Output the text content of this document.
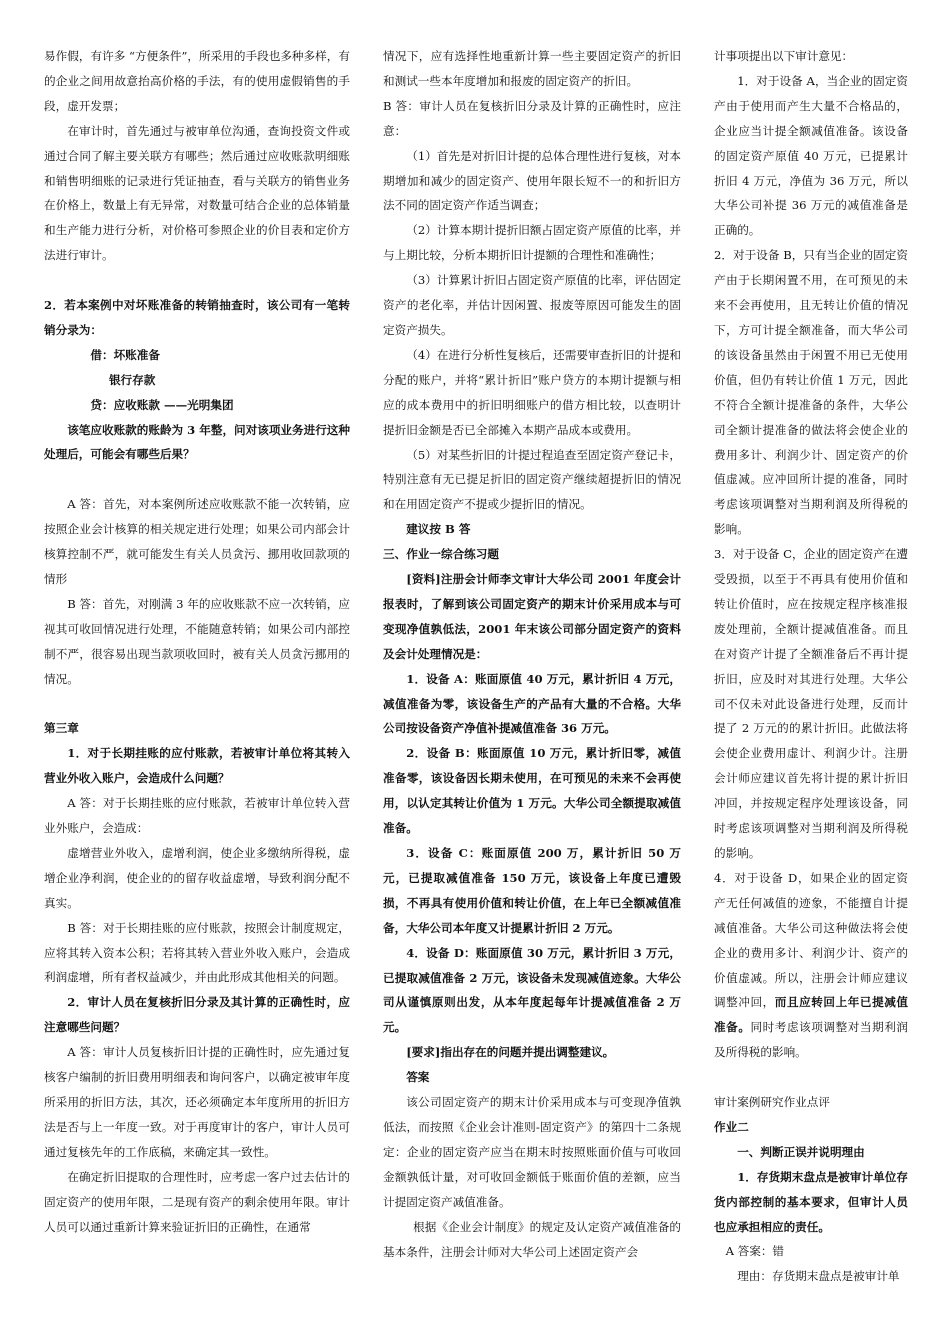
易作假，有许多 “方便条件”，所采用的手段也多种多样，有的企业之间用故意抬高价格的手法，有的使用虚假销售的手段，虚开发票；

在审计时，首先通过与被审单位沟通，查询投资文件或通过合同了解主要关联方有哪些；然后通过应收账款明细账和销售明细账的记录进行凭证抽查，看与关联方的销售业务在价格上，数量上有无异常，对数量可结合企业的总体销量和生产能力进行分析，对价格可参照企业的价目表和定价方法进行审计。

2．若本案例中对坏账准备的转销抽查时，该公司有一笔转销分录为：

借：坏账准备

银行存款

贷：应收账款 ——光明集团

该笔应收账款的账龄为 3 年整，问对该项业务进行这种处理后，可能会有哪些后果？

A 答：首先，对本案例所述应收账款不能一次转销，应按照企业会计核算的相关规定进行处理；如果公司内部会计核算控制不严，就可能发生有关人员贪污、挪用收回款项的情形

B 答：首先，对刚满 3 年的应收账款不应一次转销，应视其可收回情况进行处理，不能随意转销；如果公司内部控制不严，很容易出现当款项收回时，被有关人员贪污挪用的情况。

第三章

1．对于长期挂账的应付账款，若被审计单位将其转入营业外收入账户，会造成什么问题？

A 答：对于长期挂账的应付账款，若被审计单位转入营业外账户，会造成：

虚增营业外收入，虚增利润，使企业多缴纳所得税，虚增企业净利润，使企业的的留存收益虚增，导致利润分配不真实。

B 答：对于长期挂账的应付账款，按照会计制度规定，应将其转入资本公积；若将其转入营业外收入账户，会造成利润虚增，所有者权益减少，并由此形成其他相关的问题。

2．审计人员在复核折旧分录及其计算的正确性时，应注意哪些问题？

A 答：审计人员复核折旧计提的正确性时，应先通过复核客户编制的折旧费用明细表和询问客户，以确定被审年度所采用的折旧方法，其次，还必须确定本年度所用的折旧方法是否与上一年度一致。对于再度审计的客户，审计人员可通过复核先年的工作底稿，来确定其一致性。

在确定折旧提取的合理性时，应考虑一客户过去估计的固定资产的使用年限，二是现有资产的剩余使用年限。审计人员可以通过重新计算来验证折旧的正确性，在通常

情况下，应有选择性地重新计算一些主要固定资产的折旧和测试一些本年度增加和报废的固定资产的折旧。

B 答：审计人员在复核折旧分录及计算的正确性时，应注意：

（1）首先是对折旧计提的总体合理性进行复核，对本期增加和减少的固定资产、使用年限长短不一的和折旧方法不同的固定资产作适当调查；

（2）计算本期计提折旧额占固定资产原值的比率，并与上期比较，分析本期折旧计提额的合理性和准确性；

（3）计算累计折旧占固定资产原值的比率，评估固定资产的老化率，并估计因闲置、报废等原因可能发生的固定资产损失。

（4）在进行分析性复核后，还需要审查折旧的计提和分配的账户，并将“累计折旧”账户贷方的本期计提额与相应的成本费用中的折旧明细账户的借方相比较，以查明计提折旧金额是否已全部摊入本期产品成本或费用。

（5）对某些折旧的计提过程追查至固定资产登记卡，特别注意有无已提足折旧的固定资产继续超提折旧的情况和在用固定资产不提或少提折旧的情况。

建议按 B 答

三、作业一综合练习题

[资料]注册会计师李文审计大华公司 2001 年度会计报表时，了解到该公司固定资产的期末计价采用成本与可变现净值孰低法，2001 年末该公司部分固定资产的资料及会计处理情况是：

1．设备 A：账面原值 40 万元，累计折旧 4 万元，减值准备为零，该设备生产的产品有大量的不合格。大华公司按设备资产净值补提减值准备 36 万元。

2．设备 B：账面原值 10 万元，累计折旧零，减值准备零，该设备因长期未使用，在可预见的未来不会再使用，以认定其转让价值为 1 万元。大华公司全额提取减值准备。

3．设备 C：账面原值 200 万，累计折旧 50 万元，已提取减值准备 150 万元，该设备上年度已遭毁损，不再具有使用价值和转让价值，在上年已全额减值准备，大华公司本年度又计提累计折旧 2 万元。

4．设备 D：账面原值 30 万元，累计折旧 3 万元，已提取减值准备 2 万元，该设备未发现减值迹象。大华公司从谨慎原则出发，从本年度起每年计提减值准备 2 万元。

[要求]指出存在的问题并提出调整建议。

答案

该公司固定资产的期末计价采用成本与可变现净值孰低法，而按照《企业会计准则-固定资产》的第四十二条规定：企业的固定资产应当在期末时按照账面价值与可收回金额孰低计量，对可收回金额低于账面价值的差额，应当计提固定资产减值准备。

根据《企业会计制度》的规定及认定资产减值准备的基本条件，注册会计师对大华公司上述固定资产会

计事项提出以下审计意见：

1．对于设备 A，当企业的固定资产由于使用而产生大量不合格品的，企业应当计提全额减值准备。该设备的固定资产原值 40 万元，已提累计折旧 4 万元，净值为 36 万元，所以大华公司补提 36 万元的减值准备是正确的。

2．对于设备 B，只有当企业的固定资产由于长期闲置不用，在可预见的未来不会再使用，且无转让价值的情况下，方可计提全额准备，而大华公司的该设备虽然由于闲置不用已无使用价值，但仍有转让价值 1 万元，因此不符合全额计提准备的条件，大华公司全额计提准备的做法将会使企业的费用多计、利润少计、固定资产的价值虚减。应冲回所计提的准备，同时考虑该项调整对当期利润及所得税的影响。

3．对于设备 C，企业的固定资产在遭受毁损，以至于不再具有使用价值和转让价值时，应在按规定程序核准报废处理前，全额计提减值准备。而且在对资产计提了全额准备后不再计提折旧，应及时对其进行处理。大华公司不仅未对此设备进行处理，反而计提了 2 万元的的累计折旧。此做法将会使企业费用虚计、利润少计。注册会计师应建议首先将计提的累计折旧冲回，并按规定程序处理该设备，同时考虑该项调整对当期利润及所得税的影响。

4．对于设备 D，如果企业的固定资产无任何减值的迹象，不能擅自计提减值准备。大华公司这种做法将会使企业的费用多计、利润少计、资产的价值虚减。所以，注册会计师应建议调整冲回，而且应转回上年已提减值准备。同时考虑该项调整对当期利润及所得税的影响。

审计案例研究作业点评

作业二

一、判断正误并说明理由

1．存货期末盘点是被审计单位存货内部控制的基本要求，但审计人员也应承担相应的责任。

A 答案：错

理由：存货期末盘点是被审计单
